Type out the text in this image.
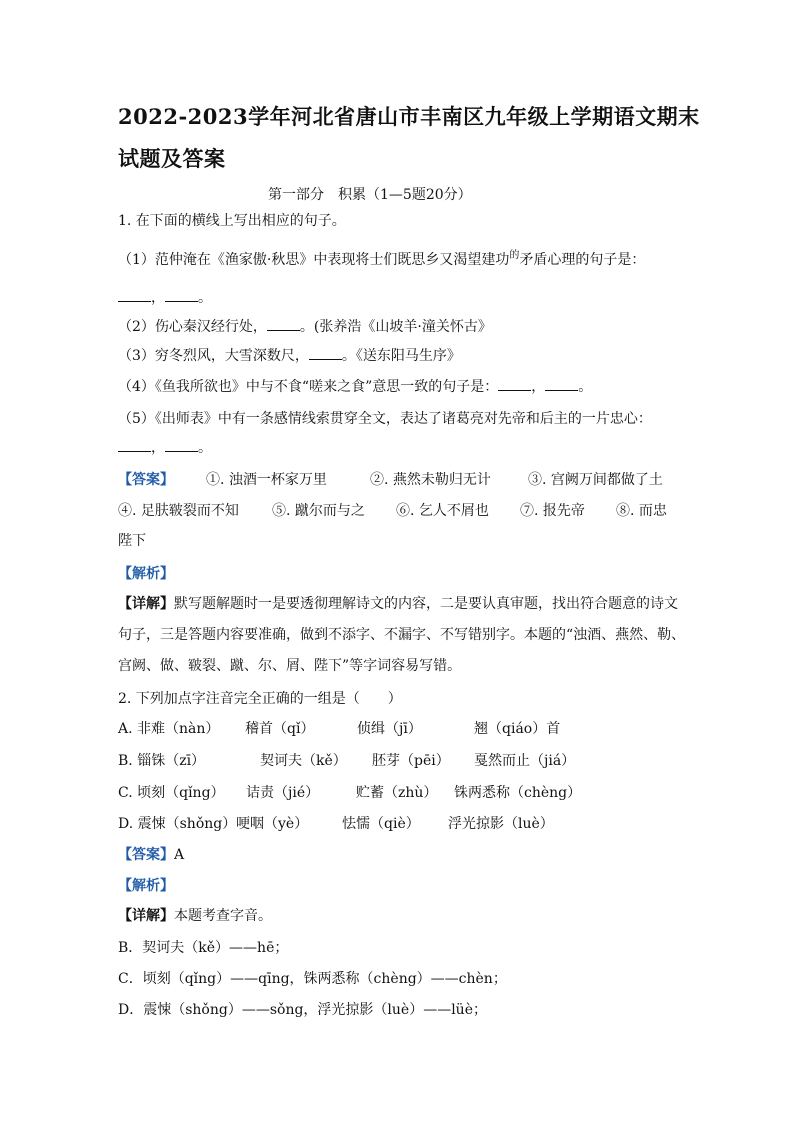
2022-2023学年河北省唐山市丰南区九年级上学期语文期末
试题及答案
第一部分　积累（1—5题20分）
1. 在下面的横线上写出相应的句子。
（1）范仲淹在《渔家傲·秋思》中表现将士们既思乡又渴望建功$^的$矛盾心理的句子是：
， 。
（2）伤心秦汉经行处， 。(张养浩《山坡羊·潼关怀古》
（3）穷冬烈风，大雪深数尺， 。《送东阳马生序》
（4）《鱼我所欲也》中与不食“嗟来之食”意思一致的句子是： ， 。
（5）《出师表》中有一条感情线索贯穿全文，表达了诸葛亮对先帝和后主的一片忠心：
， 。
【答案】 ①. 浊酒一杯家万里	②. 燕然未勒归无计	③. 宫阙万间都做了土
④. 足肤皲裂而不知 ⑤. 蹴尔而与之 ⑥. 乞人不屑也 ⑦. 报先帝 ⑧. 而忠
陛下
【解析】
【详解】默写题解题时一是要透彻理解诗文的内容，二是要认真审题，找出符合题意的诗文
句子，三是答题内容要准确，做到不添字、不漏字、不写错别字。本题的“浊酒、燕然、勒、
宫阙、做、皲裂、蹴、尔、屑、陛下”等字词容易写错。
2. 下列加点字注音完全正确的一组是（　　）
A. 非难（nàn） 稽首（qǐ）	侦缉（jī）	翘（qiáo）首
B. 锱铢（zī）	契诃夫（kě） 胚芽（pēi） 戛然而止（jiá）
C. 顷刻（qǐng） 诘责（jié）	贮蓄（zhù） 铢两悉称（chèng）
D. 震悚（shǒng）哽咽（yè） 怯懦（qiè） 浮光掠影（luè）
【答案】A
【解析】
【详解】本题考查字音。
B．契诃夫（kě）——hē；
C．顷刻（qǐng）——qīng，铢两悉称（chèng）——chèn；
D．震悚（shǒng）——sǒng，浮光掠影（luè）——lüè；
